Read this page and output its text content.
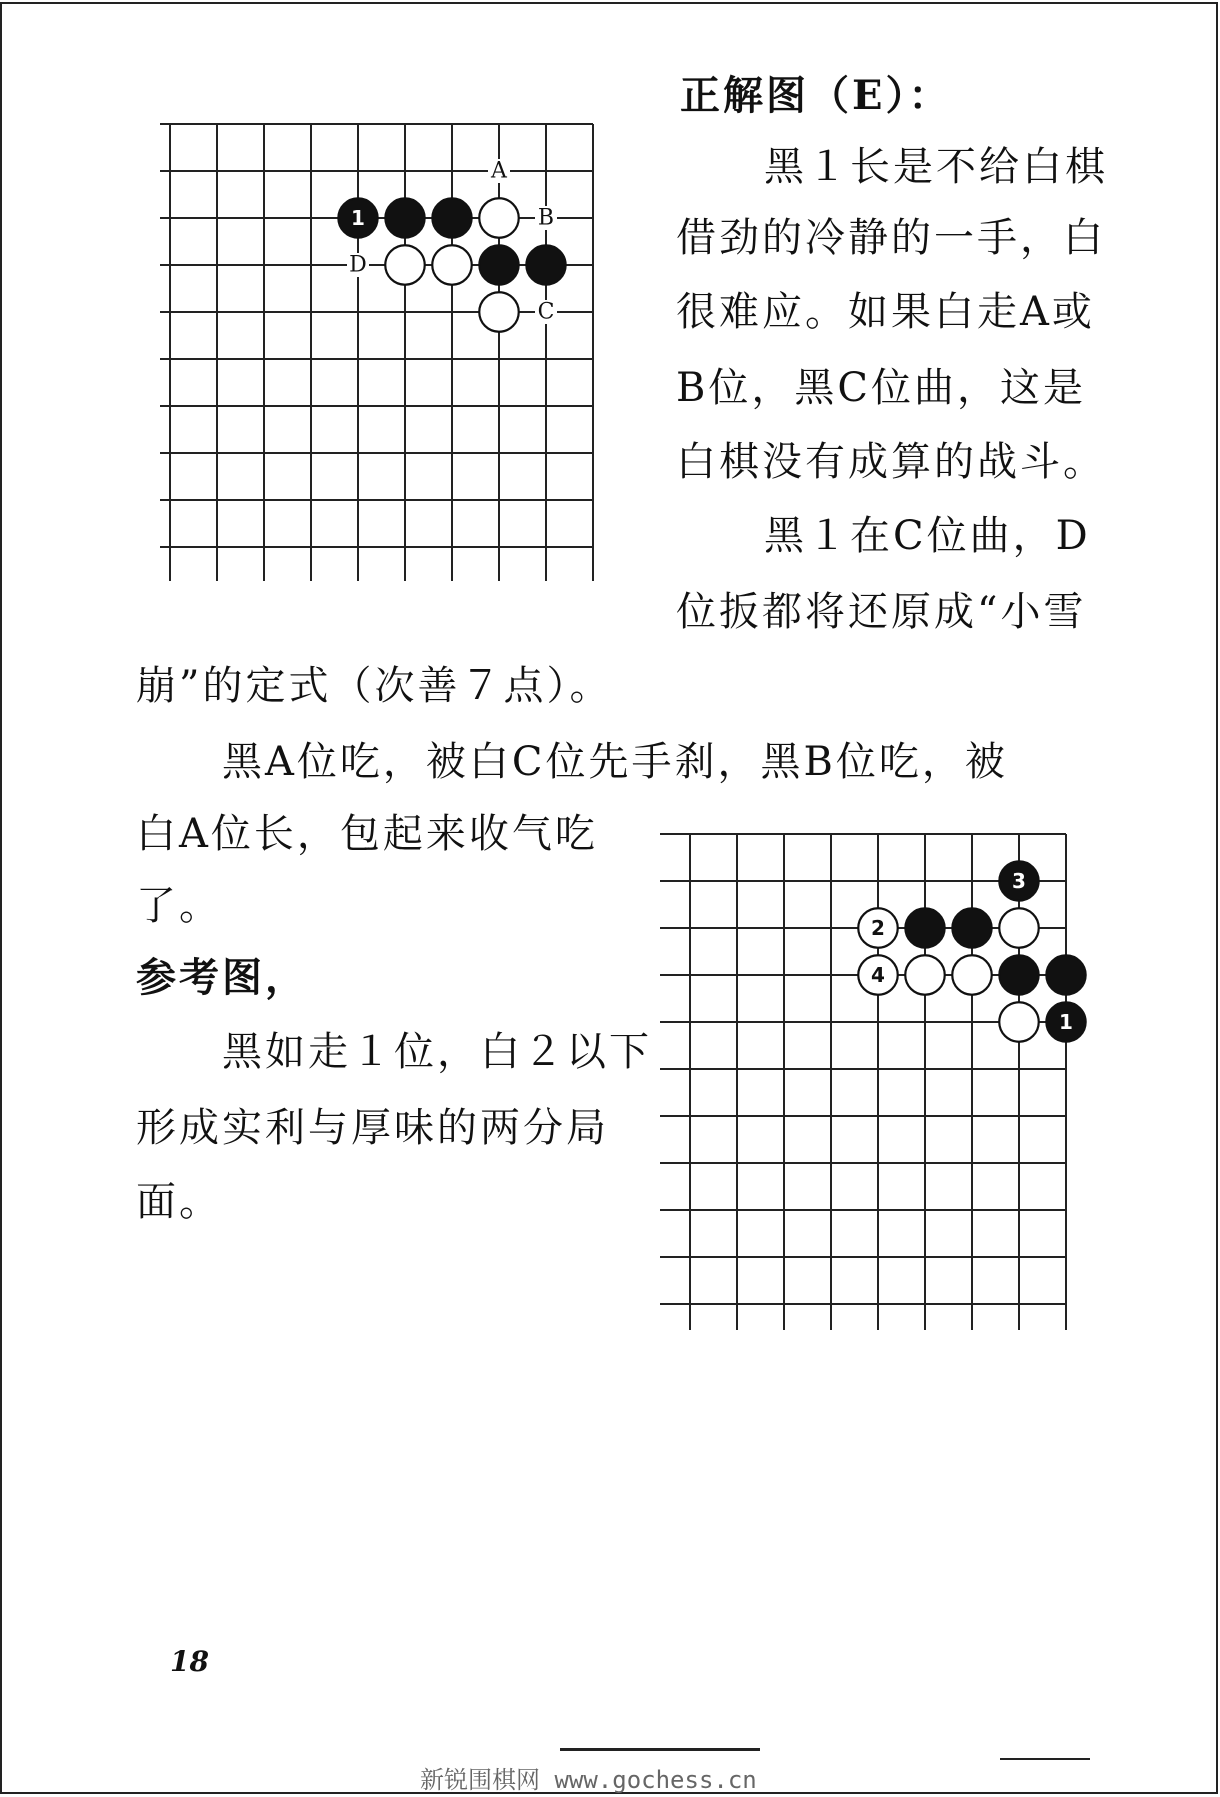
A
B
C
D
1
正解图（E）：
黑１长是不给白棋
借劲的冷静的一手，白
很难应。如果白走A或
B位，黑C位曲，这是
白棋没有成算的战斗。
黑１在C位曲，D
位扳都将还原成“小雪
崩”的定式（次善７点）。
黑A位吃，被白C位先手刹，黑B位吃，被
3
2
4
1
白A位长，包起来收气吃
了。
参考图，
黑如走１位，白２以下
形成实利与厚味的两分局
面。
18
新锐围棋网 www.gochess.cn
